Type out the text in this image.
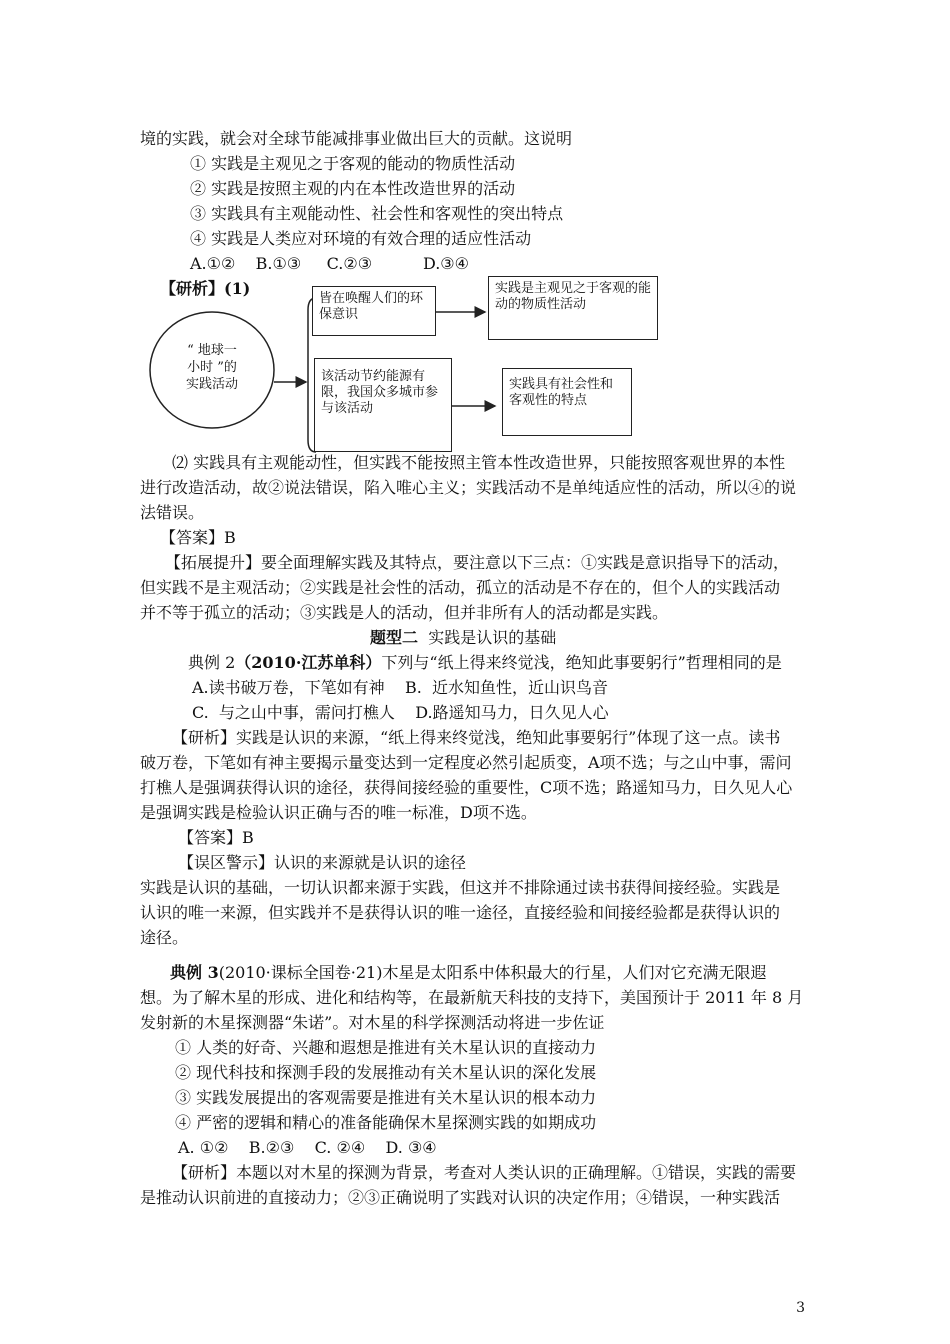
境的实践，就会对全球节能减排事业做出巨大的贡献。这说明
① 实践是主观见之于客观的能动的物质性活动
② 实践是按照主观的内在本性改造世界的活动
③ 实践具有主观能动性、社会性和客观性的突出特点
④ 实践是人类应对环境的有效合理的适应性活动
A.①②    B.①③     C.②③          D.③④
【研析】(1)
“ 地球一
小时 ”的
实践活动
皆在唤醒人们的环保意识
实践是主观见之于客观的能动的物质性活动
该活动节约能源有限，我国众多城市参与该活动
实践具有社会性和客观性的特点
⑵ 实践具有主观能动性，但实践不能按照主管本性改造世界，只能按照客观世界的本性
进行改造活动，故②说法错误，陷入唯心主义；实践活动不是单纯适应性的活动，所以④的说
法错误。
【答案】B
【拓展提升】要全面理解实践及其特点，要注意以下三点：①实践是意识指导下的活动，
但实践不是主观活动；②实践是社会性的活动，孤立的活动是不存在的，但个人的实践活动
并不等于孤立的活动；③实践是人的活动，但并非所有人的活动都是实践。
题型二  实践是认识的基础
典例 2（2010·江苏单科）下列与“纸上得来终觉浅，绝知此事要躬行”哲理相同的是
A.读书破万卷，下笔如有神    B.  近水知鱼性，近山识鸟音
C.  与之山中事，需问打樵人    D.路遥知马力，日久见人心
【研析】实践是认识的来源，“纸上得来终觉浅，绝知此事要躬行”体现了这一点。读书
破万卷，下笔如有神主要揭示量变达到一定程度必然引起质变，A项不选；与之山中事，需问
打樵人是强调获得认识的途径，获得间接经验的重要性，C项不选；路遥知马力，日久见人心
是强调实践是检验认识正确与否的唯一标准，D项不选。
【答案】B
【误区警示】认识的来源就是认识的途径
实践是认识的基础，一切认识都来源于实践，但这并不排除通过读书获得间接经验。实践是
认识的唯一来源，但实践并不是获得认识的唯一途径，直接经验和间接经验都是获得认识的
途径。
典例 3(2010·课标全国卷·21)木星是太阳系中体积最大的行星，人们对它充满无限遐
想。为了解木星的形成、进化和结构等，在最新航天科技的支持下，美国预计于 2011 年 8 月
发射新的木星探测器“朱诺”。对木星的科学探测活动将进一步佐证
① 人类的好奇、兴趣和遐想是推进有关木星认识的直接动力
② 现代科技和探测手段的发展推动有关木星认识的深化发展
③ 实践发展提出的客观需要是推进有关木星认识的根本动力
④ 严密的逻辑和精心的准备能确保木星探测实践的如期成功
A. ①②    B.②③    C. ②④    D. ③④
【研析】本题以对木星的探测为背景，考查对人类认识的正确理解。①错误，实践的需要
是推动认识前进的直接动力；②③正确说明了实践对认识的决定作用；④错误，一种实践活
3
